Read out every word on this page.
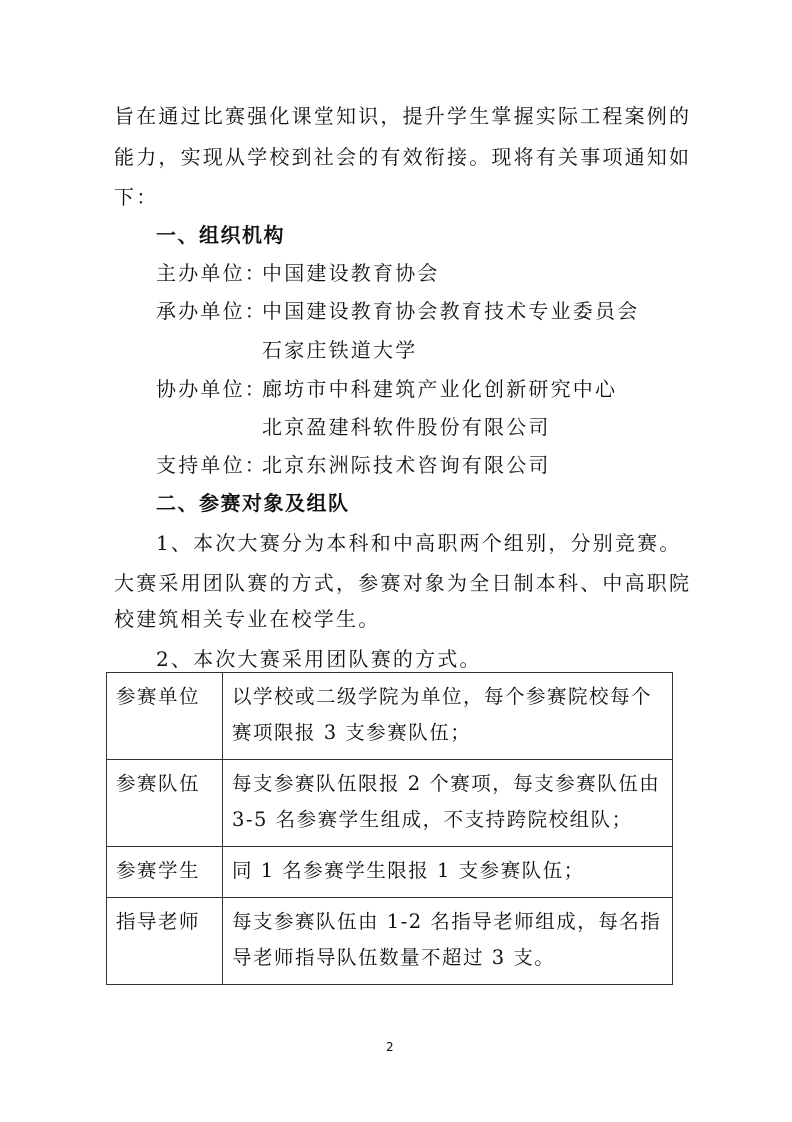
旨在通过比赛强化课堂知识，提升学生掌握实际工程案例的
能力，实现从学校到社会的有效衔接。现将有关事项通知如
下：
一、组织机构
主办单位：
中国建设教育协会
承办单位：
中国建设教育协会教育技术专业委员会
石家庄铁道大学
协办单位：
廊坊市中科建筑产业化创新研究中心
北京盈建科软件股份有限公司
支持单位：
北京东洲际技术咨询有限公司
二、参赛对象及组队
1、本次大赛分为本科和中高职两个组别，分别竞赛。
大赛采用团队赛的方式，参赛对象为全日制本科、中高职院
校建筑相关专业在校学生。
2、本次大赛采用团队赛的方式。
参赛单位	以学校或二级学院为单位，每个参赛院校每个
赛项限报 3 支参赛队伍；

参赛队伍	每支参赛队伍限报 2 个赛项，每支参赛队伍由
3-5 名参赛学生组成，不支持跨院校组队；

参赛学生	同 1 名参赛学生限报 1 支参赛队伍；

指导老师	每支参赛队伍由 1-2 名指导老师组成，每名指
导老师指导队伍数量不超过 3 支。
2
